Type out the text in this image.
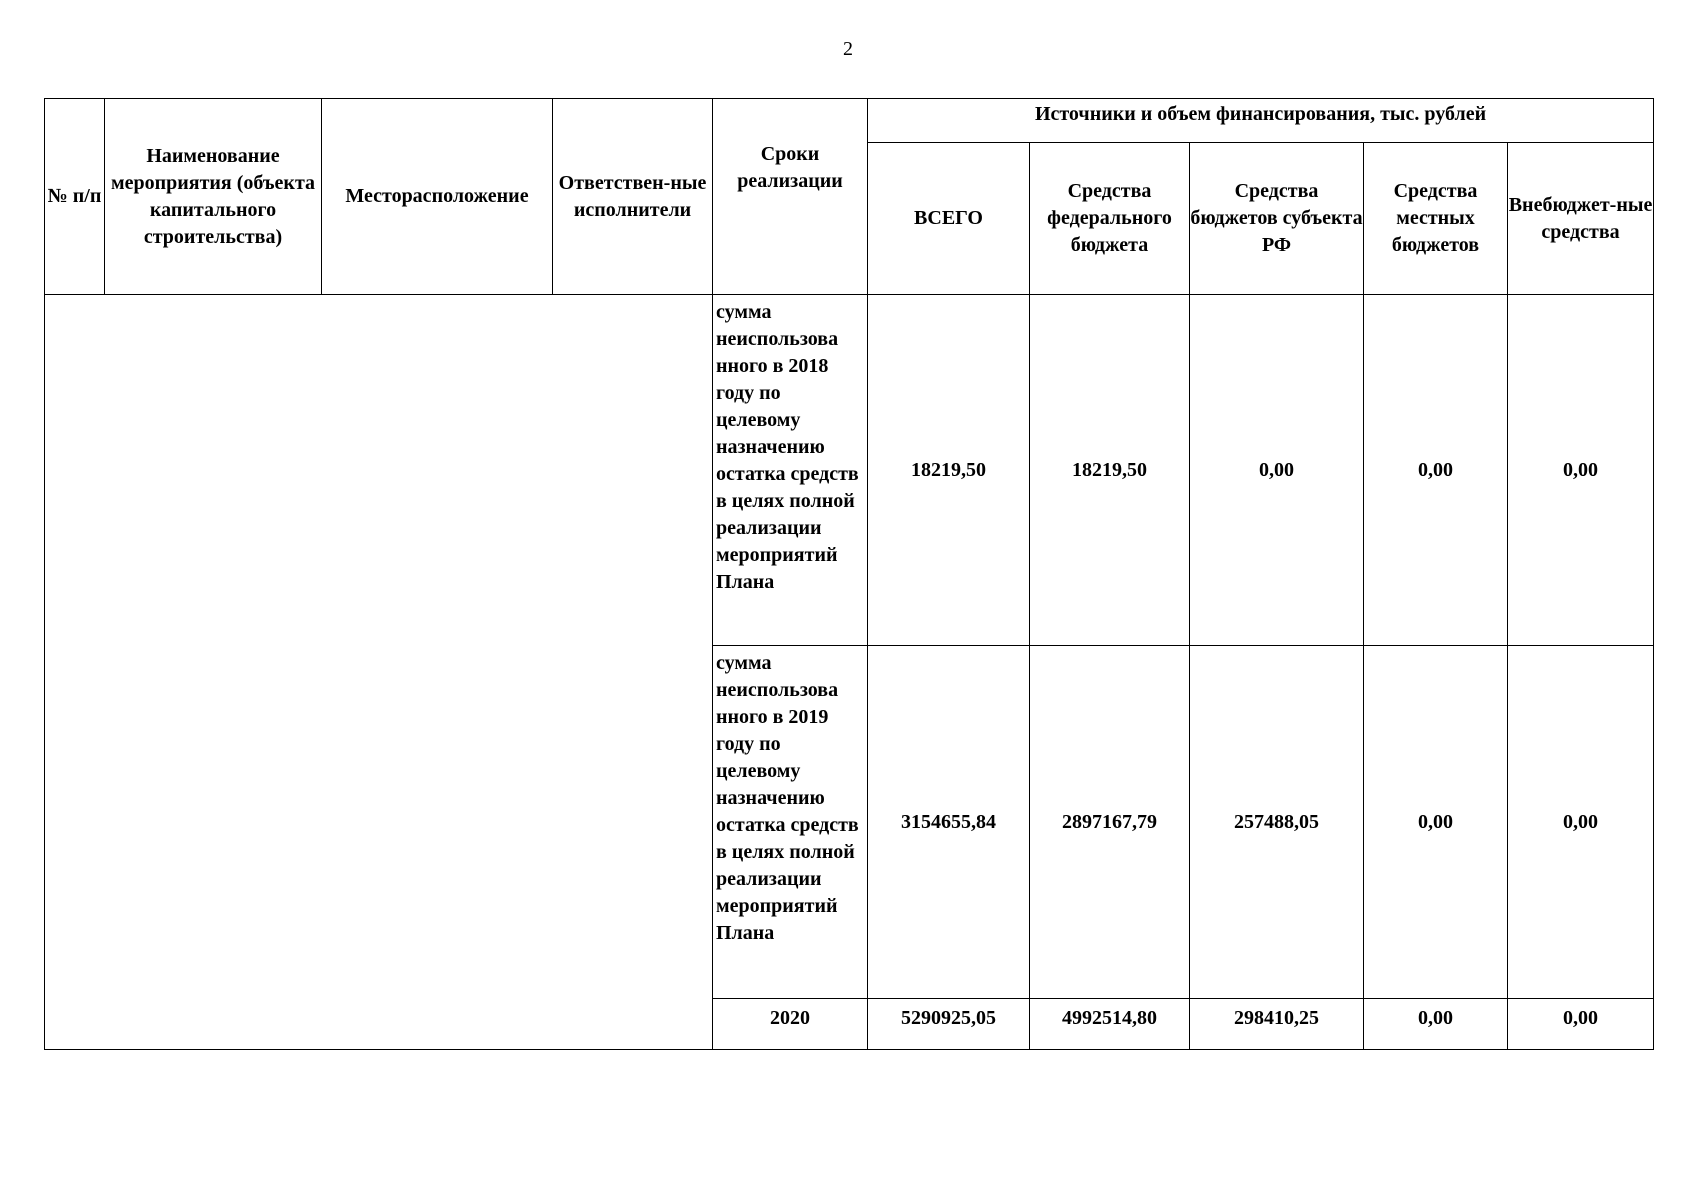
2
№ п/п	Наименование мероприятия (объекта капитального строительства)	Месторасположение	Ответствен-ные исполнители	Сроки реализации	Источники и объем финансирования, тыс. рублей				
					ВСЕГО	Средства федерального бюджета	Средства бюджетов субъекта РФ	Средства местных бюджетов	Внебюджет-ные средства
				сумма неиспользова нного в 2018 году по целевому назначению остатка средств в целях полной реализации мероприятий Плана	18219,50	18219,50	0,00	0,00	0,00
				сумма неиспользова нного в 2019 году по целевому назначению остатка средств в целях полной реализации мероприятий Плана	3154655,84	2897167,79	257488,05	0,00	0,00
				2020	5290925,05	4992514,80	298410,25	0,00	0,00
